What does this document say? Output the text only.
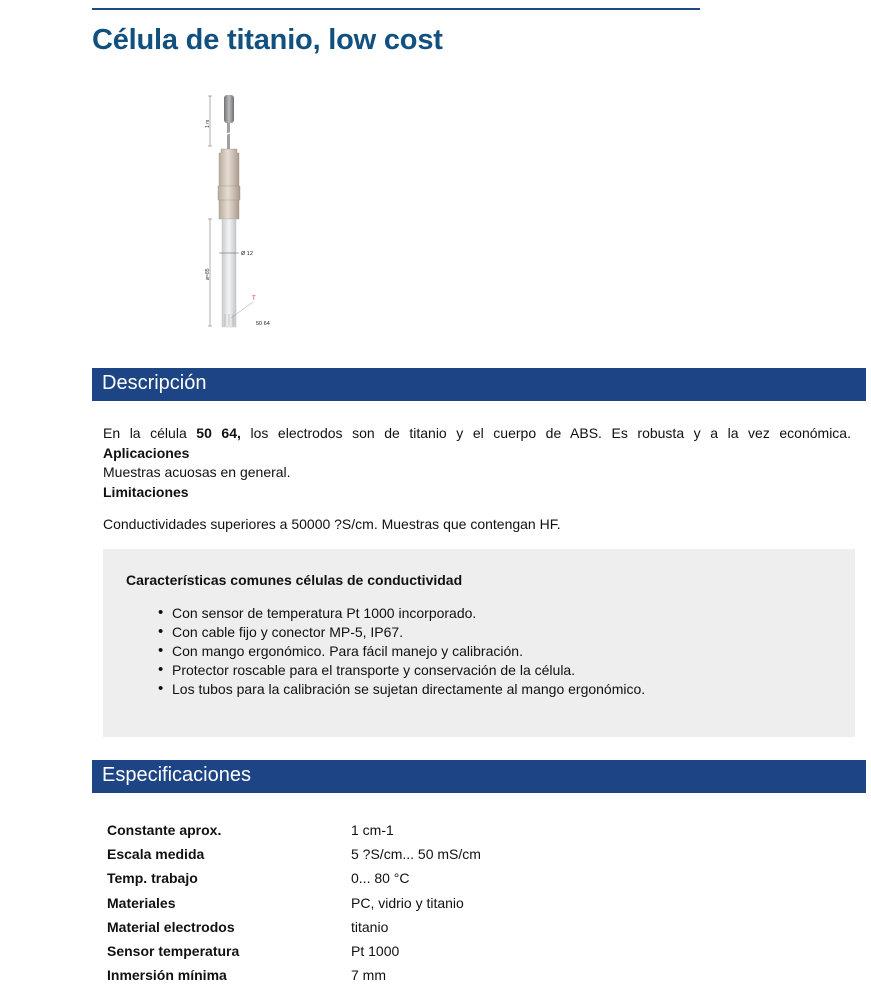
Célula de titanio, low cost
1 m
ø=85
Ø 12
T
50 64
Descripción

En la célula 50 64, los electrodos son de titanio y el cuerpo de ABS. Es robusta y a la vez económica.

Aplicaciones

Muestras acuosas en general.

Limitaciones

Conductividades superiores a 50000 ?S/cm. Muestras que contengan HF.

Características comunes células de conductividad
• Con sensor de temperatura Pt 1000 incorporado.
• Con cable fijo y conector MP-5, IP67.
• Con mango ergonómico. Para fácil manejo y calibración.
• Protector roscable para el transporte y conservación de la célula.
• Los tubos para la calibración se sujetan directamente al mango ergonómico.
Especificaciones
Constante aprox.	1 cm-1
Escala medida	5 ?S/cm... 50 mS/cm
Temp. trabajo	0... 80 °C
Materiales	PC, vidrio y titanio
Material electrodos	titanio
Sensor temperatura	Pt 1000
Inmersión mínima	7 mm
